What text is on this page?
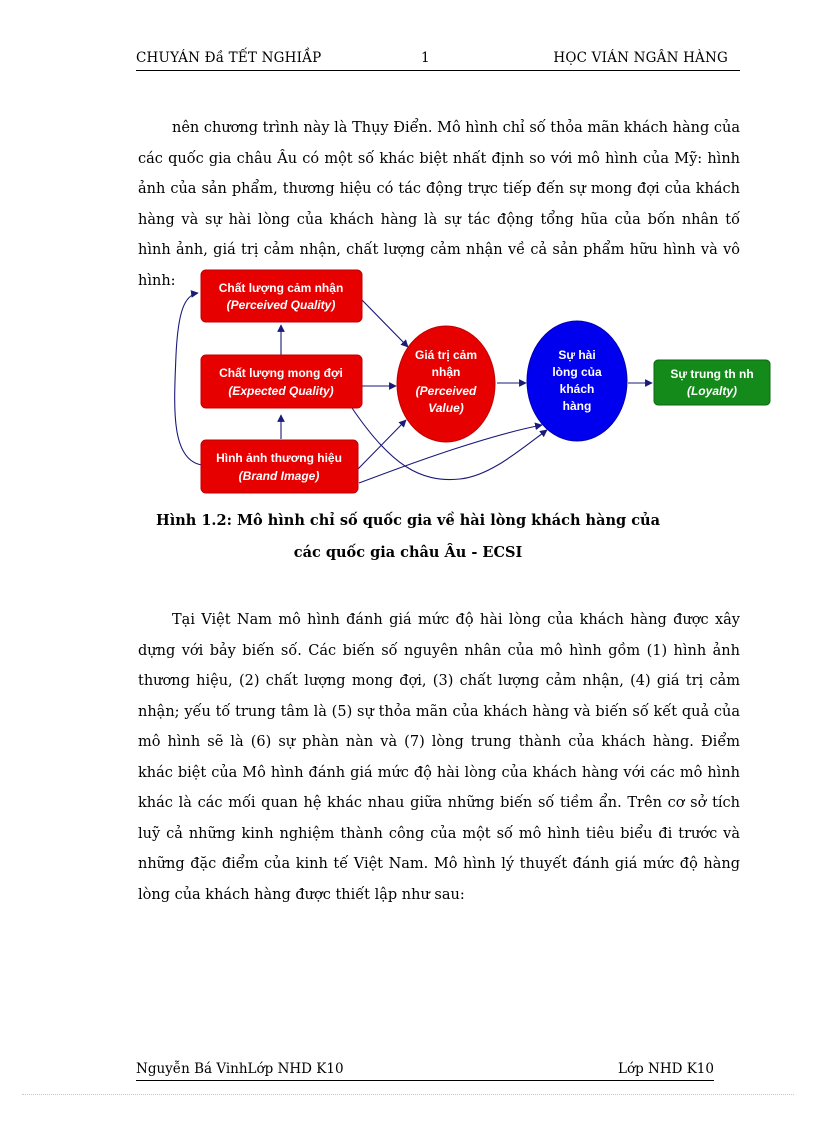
CHUYÁN Đầ TẾT NGHIẦP	1	HỌC VIÁN NGÂN HÀNG

nên chương trình này là Thụy Điển. Mô hình chỉ số thỏa mãn khách hàng của các quốc gia châu Âu có một số khác biệt nhất định so với mô hình của Mỹ: hình ảnh của sản phẩm, thương hiệu có tác động trực tiếp đến sự mong đợi của khách hàng và sự hài lòng của khách hàng là sự tác động tổng hũa của bốn nhân tố hình ảnh, giá trị cảm nhận, chất lượng cảm nhận về cả sản phẩm hữu hình và vô hình:	Chất lượng cảm nhận
(Perceived Quality)
Chất lượng mong đợi
(Expected Quality)
Hình ảnh thương hiệu
(Brand Image)
Giá trị cảm
nhận
(Perceived
Value)
Sự hài
lòng của
khách
hàng
Sự trung th nh
(Loyalty)
Hình 1.2: Mô hình chỉ số quốc gia về hài lòng khách hàng của
các quốc gia châu Âu - ECSI

Tại Việt Nam mô hình đánh giá mức độ hài lòng của khách hàng được xây dựng với bảy biến số. Các biến số nguyên nhân của mô hình gồm (1) hình ảnh thương hiệu, (2) chất lượng mong đợi, (3) chất lượng cảm nhận, (4) giá trị cảm nhận; yếu tố trung tâm là (5) sự thỏa mãn của khách hàng và biến số kết quả của mô hình sẽ là (6) sự phàn nàn và (7) lòng trung thành của khách hàng. Điểm khác biệt của Mô hình đánh giá mức độ hài lòng của khách hàng với các mô hình khác là các mối quan hệ khác nhau giữa những biến số tiềm ẩn. Trên cơ sở tích luỹ cả những kinh nghiệm thành công của một số mô hình tiêu biểu đi trước và những đặc điểm của kinh tế Việt Nam. Mô hình lý thuyết đánh giá mức độ hàng lòng của khách hàng được thiết lập như sau:

Nguyễn Bá VinhLớp NHD K10	Lớp NHD K10
